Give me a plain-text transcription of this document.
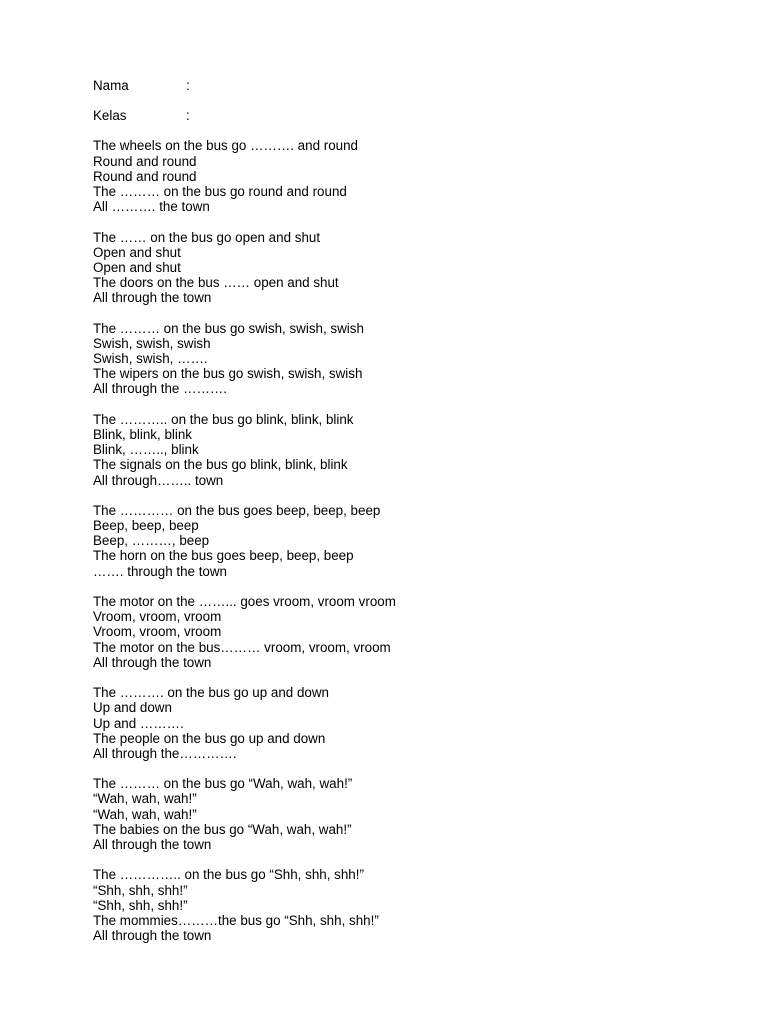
Nama	:
Kelas	:
The wheels on the bus go ………. and round
Round and round
Round and round
The ……… on the bus go round and round
All ………. the town
The …… on the bus go open and shut
Open and shut
Open and shut
The doors on the bus …… open and shut
All through the town
The ……… on the bus go swish, swish, swish
Swish, swish, swish
Swish, swish, …….
The wipers on the bus go swish, swish, swish
All through the ……….
The ……….. on the bus go blink, blink, blink
Blink, blink, blink
Blink, …….., blink
The signals on the bus go blink, blink, blink
All through…….. town
The ………… on the bus goes beep, beep, beep
Beep, beep, beep
Beep, ………, beep
The horn on the bus goes beep, beep, beep
……. through the town
The motor on the ……... goes vroom, vroom vroom
Vroom, vroom, vroom
Vroom, vroom, vroom
The motor on the bus……… vroom, vroom, vroom
All through the town
The ………. on the bus go up and down
Up and down
Up and ……….
The people on the bus go up and down
All through the………….
The ……… on the bus go “Wah, wah, wah!”
“Wah, wah, wah!”
“Wah, wah, wah!”
The babies on the bus go “Wah, wah, wah!”
All through the town
The ………….. on the bus go “Shh, shh, shh!”
“Shh, shh, shh!”
“Shh, shh, shh!”
The mommies………the bus go “Shh, shh, shh!”
All through the town
